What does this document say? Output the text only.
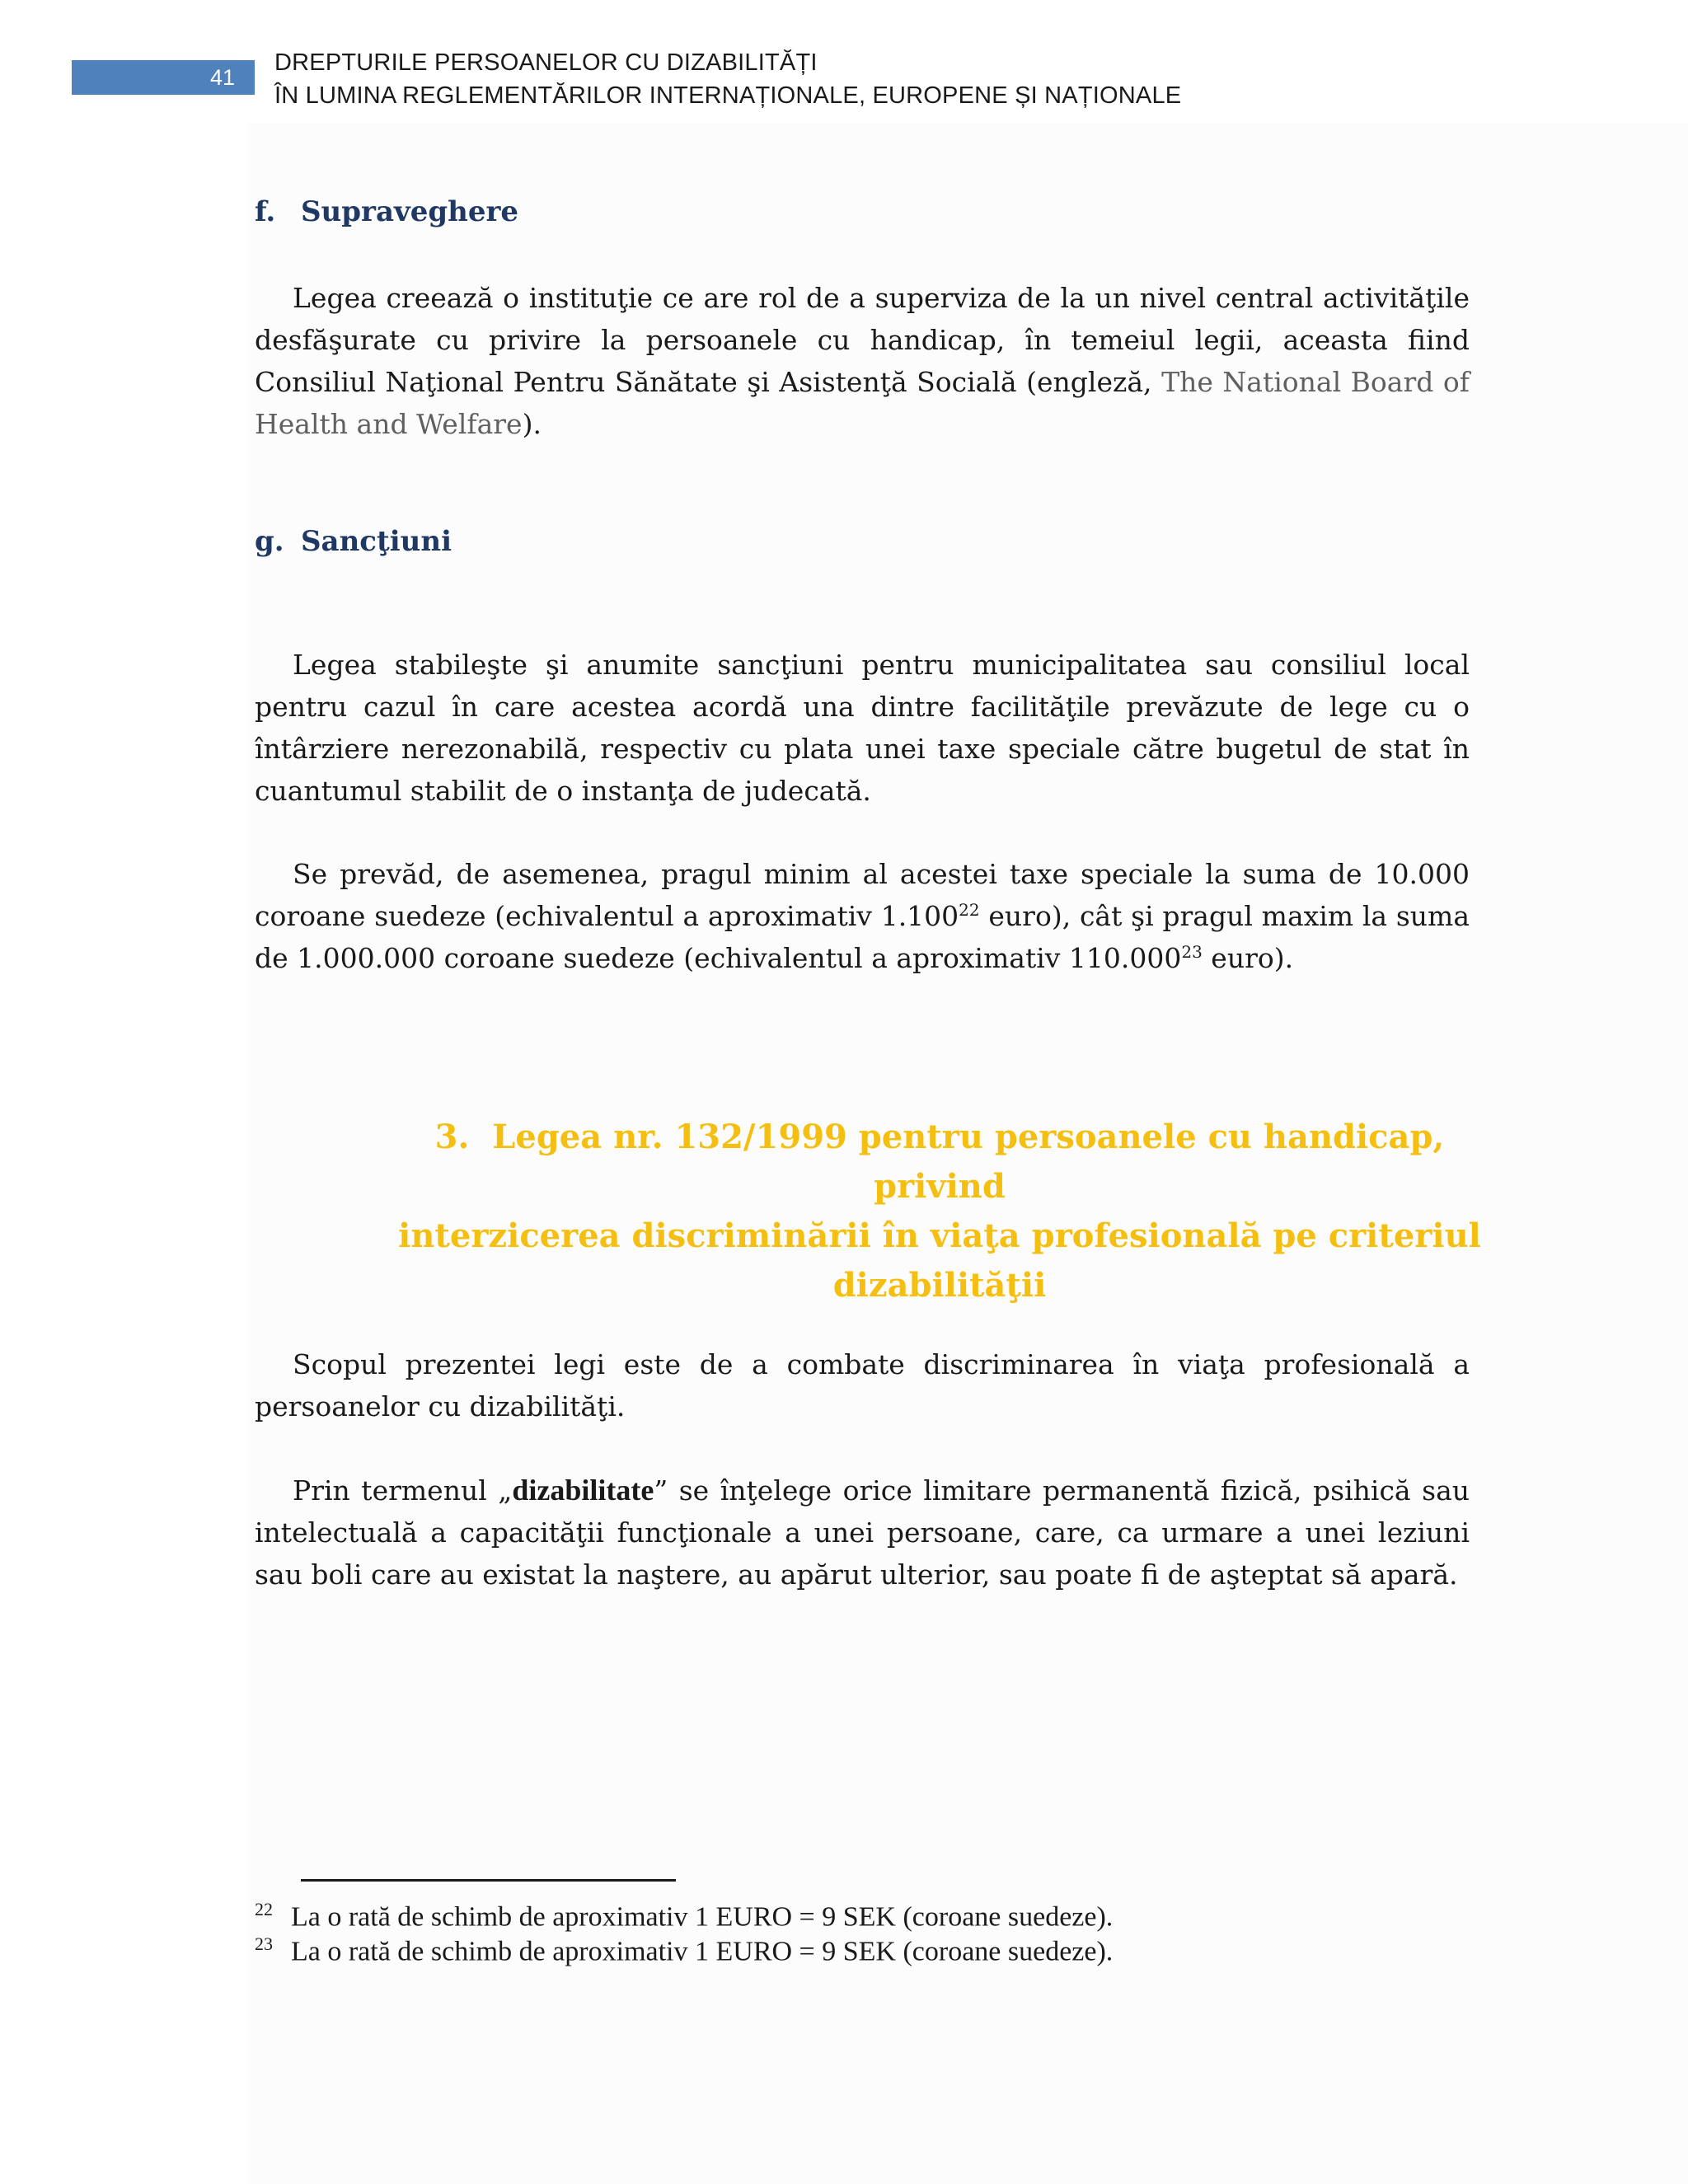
41
DREPTURILE PERSOANELOR CU DIZABILITĂȚI
ÎN LUMINA REGLEMENTĂRILOR INTERNAȚIONALE, EUROPENE ȘI NAȚIONALE
f. Supraveghere
Legea creează o instituţie ce are rol de a superviza de la un nivel central activităţile desfăşurate cu privire la persoanele cu handicap, în temeiul legii, aceasta fiind Consiliul Naţional Pentru Sănătate şi Asistenţă Socială (engleză, The National Board of Health and Welfare).
g. Sancţiuni
Legea stabileşte şi anumite sancţiuni pentru municipalitatea sau consiliul local pentru cazul în care acestea acordă una dintre facilităţile prevăzute de lege cu o întârziere nerezonabilă, respectiv cu plata unei taxe speciale către bugetul de stat în cuantumul stabilit de o instanţa de judecată.
Se prevăd, de asemenea, pragul minim al acestei taxe speciale la suma de 10.000 coroane suedeze (echivalentul a aproximativ 1.100$^{22}$ euro), cât şi pragul maxim la suma de 1.000.000 coroane suedeze (echivalentul a aproximativ 110.000$^{23}$ euro).
3. Legea nr. 132/1999 pentru persoanele cu handicap, privind
interzicerea discriminării în viaţa profesională pe criteriul
dizabilităţii
Scopul prezentei legi este de a combate discriminarea în viaţa profesională a persoanelor cu dizabilităţi.
Prin termenul „dizabilitate” se înţelege orice limitare permanentă fizică, psihică sau intelectuală a capacităţii funcţionale a unei persoane, care, ca urmare a unei leziuni sau boli care au existat la naştere, au apărut ulterior, sau poate fi de aşteptat să apară.
22 La o rată de schimb de aproximativ 1 EURO = 9 SEK (coroane suedeze).
23 La o rată de schimb de aproximativ 1 EURO = 9 SEK (coroane suedeze).
